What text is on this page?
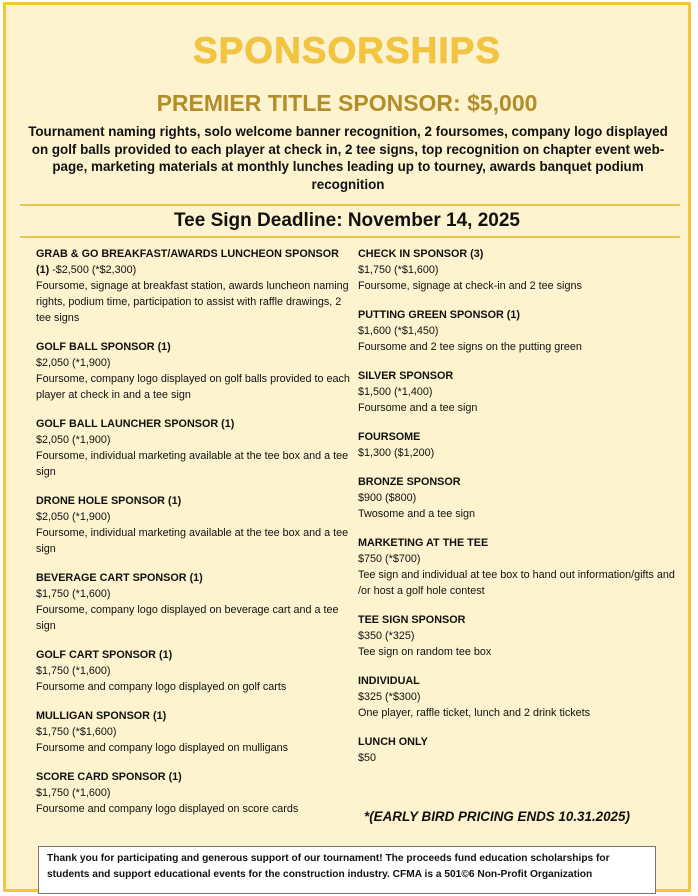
SPONSORSHIPS
PREMIER TITLE SPONSOR: $5,000
Tournament naming rights, solo welcome banner recognition, 2 foursomes, company logo displayed on golf balls provided to each player at check in, 2 tee signs, top recognition on chapter event web-page, marketing materials at monthly lunches leading up to tourney, awards banquet podium recognition
Tee Sign Deadline: November 14, 2025
GRAB & GO BREAKFAST/AWARDS LUNCHEON SPONSOR (1) -$2,500 (*$2,300)
Foursome, signage at breakfast station, awards luncheon naming rights, podium time, participation to assist with raffle drawings, 2 tee signs
GOLF BALL SPONSOR (1)
$2,050 (*1,900)
Foursome, company logo displayed on golf balls provided to each player at check in and a tee sign
GOLF BALL LAUNCHER SPONSOR (1)
$2,050 (*1,900)
Foursome, individual marketing available at the tee box and a tee sign
DRONE HOLE SPONSOR (1)
$2,050 (*1,900)
Foursome, individual marketing available at the tee box and a tee sign
BEVERAGE CART SPONSOR (1)
$1,750 (*1,600)
Foursome, company logo displayed on beverage cart and a tee sign
GOLF CART SPONSOR (1)
$1,750 (*1,600)
Foursome and company logo displayed on golf carts
MULLIGAN SPONSOR (1)
$1,750 (*$1,600)
Foursome and company logo displayed on mulligans
SCORE CARD SPONSOR (1)
$1,750 (*1,600)
Foursome and company logo displayed on score cards
CHECK IN SPONSOR (3)
$1,750 (*$1,600)
Foursome, signage at check-in and 2 tee signs
PUTTING GREEN SPONSOR (1)
$1,600 (*$1,450)
Foursome and 2 tee signs on the putting green
SILVER SPONSOR
$1,500 (*1,400)
Foursome and a tee sign
FOURSOME
$1,300 ($1,200)
BRONZE SPONSOR
$900 ($800)
Twosome and a tee sign
MARKETING AT THE TEE
$750 (*$700)
Tee sign and individual at tee box to hand out information/gifts and /or host a golf hole contest
TEE SIGN SPONSOR
$350 (*325)
Tee sign on random tee box
INDIVIDUAL
$325 (*$300)
One player, raffle ticket, lunch and 2 drink tickets
LUNCH ONLY
$50
*(EARLY BIRD PRICING ENDS 10.31.2025)
Thank you for participating and generous support of our tournament! The proceeds fund education scholarships for students and support educational events for the construction industry. CFMA is a 501©6 Non-Profit Organization
